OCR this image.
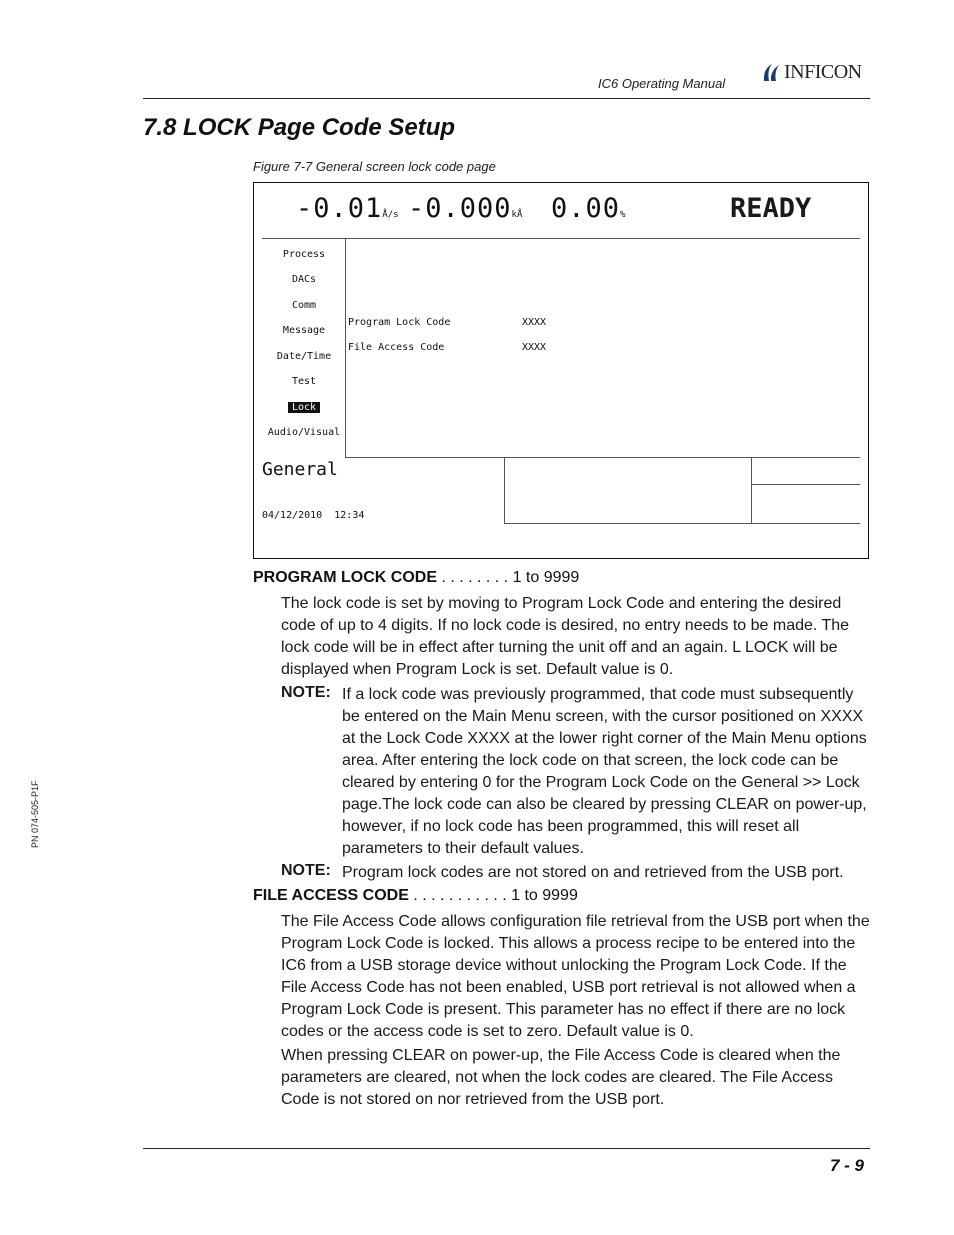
IC6 Operating Manual
INFICON
7.8 LOCK Page Code Setup
Figure 7-7 General screen lock code page
-0.01Å/s -0.000kÅ 0.00%	READY
Process
DACs
Comm
Message
Date/Time
Test
Lock
Audio/Visual
Program Lock Code	XXXX
File Access Code	XXXX
General
04/12/2010 12:34
PROGRAM LOCK CODE . . . . . . . . 1 to 9999
The lock code is set by moving to Program Lock Code and entering the desired code of up to 4 digits. If no lock code is desired, no entry needs to be made. The lock code will be in effect after turning the unit off and an again. L LOCK will be displayed when Program Lock is set. Default value is 0.
NOTE: If a lock code was previously programmed, that code must subsequently be entered on the Main Menu screen, with the cursor positioned on XXXX at the Lock Code XXXX at the lower right corner of the Main Menu options area. After entering the lock code on that screen, the lock code can be cleared by entering 0 for the Program Lock Code on the General >> Lock page.The lock code can also be cleared by pressing CLEAR on power-up, however, if no lock code has been programmed, this will reset all parameters to their default values.
NOTE: Program lock codes are not stored on and retrieved from the USB port.
FILE ACCESS CODE . . . . . . . . . . . 1 to 9999
The File Access Code allows configuration file retrieval from the USB port when the Program Lock Code is locked. This allows a process recipe to be entered into the IC6 from a USB storage device without unlocking the Program Lock Code. If the File Access Code has not been enabled, USB port retrieval is not allowed when a Program Lock Code is present. This parameter has no effect if there are no lock codes or the access code is set to zero. Default value is 0.
When pressing CLEAR on power-up, the File Access Code is cleared when the parameters are cleared, not when the lock codes are cleared. The File Access Code is not stored on nor retrieved from the USB port.
PN 074-505-P1F
7 - 9
